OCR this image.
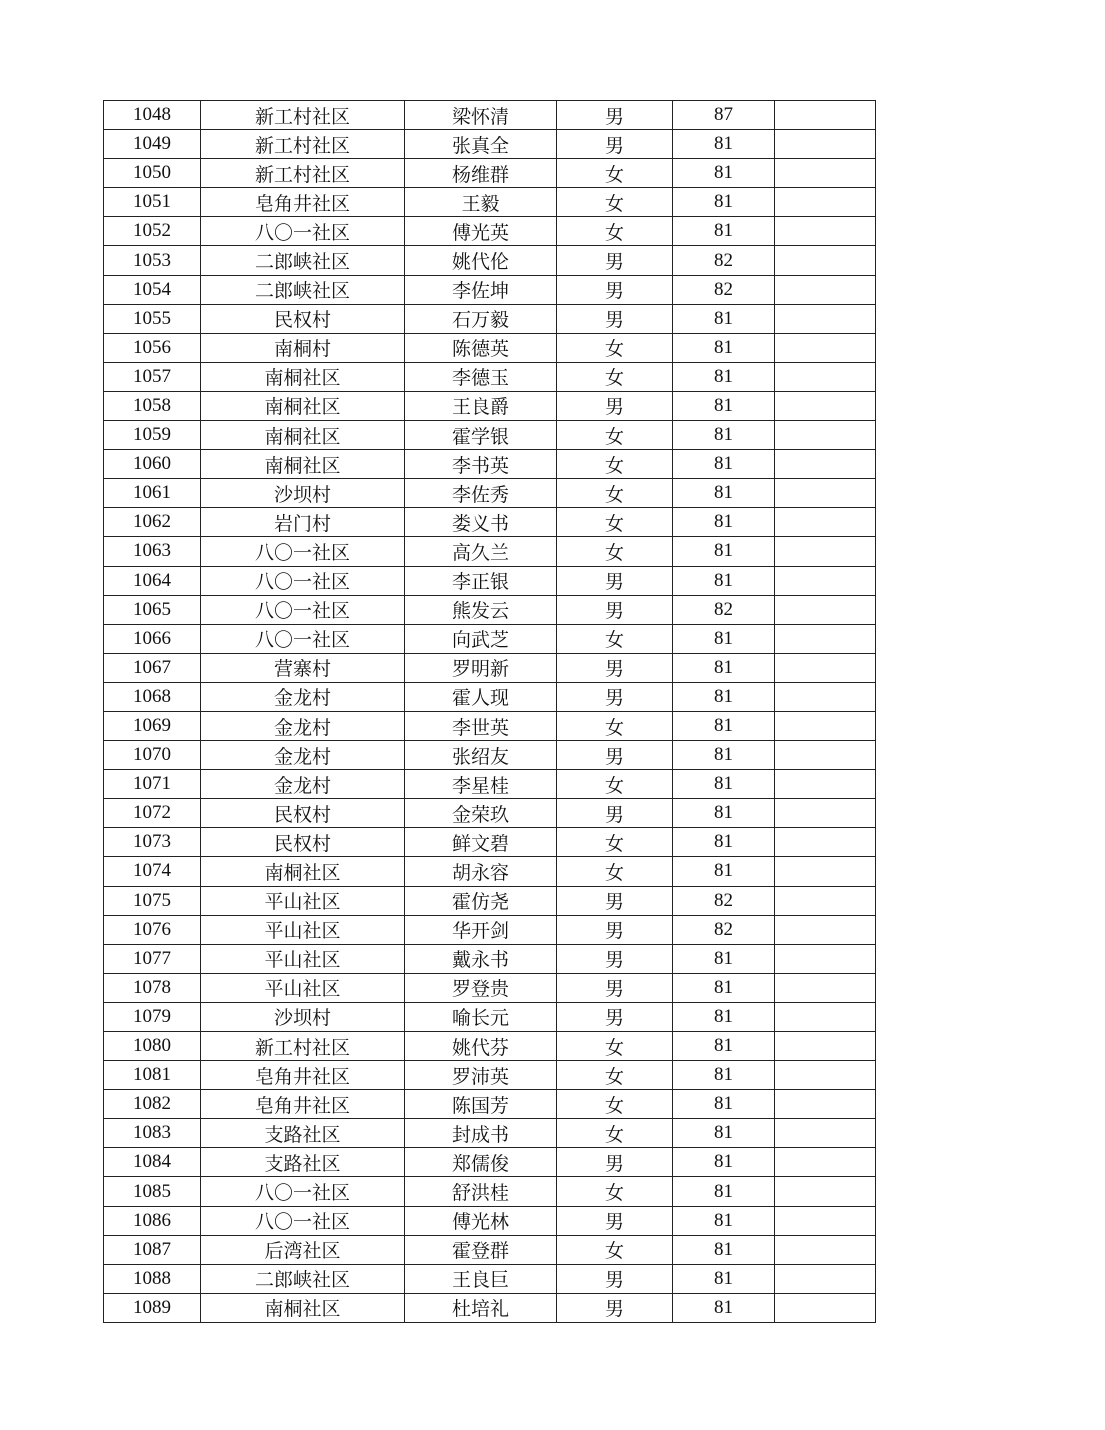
1048	新工村社区	梁怀清	男	87	
1049	新工村社区	张真全	男	81	
1050	新工村社区	杨维群	女	81	
1051	皂角井社区	王毅	女	81	
1052	八〇一社区	傅光英	女	81	
1053	二郎峡社区	姚代伦	男	82	
1054	二郎峡社区	李佐坤	男	82	
1055	民权村	石万毅	男	81	
1056	南桐村	陈德英	女	81	
1057	南桐社区	李德玉	女	81	
1058	南桐社区	王良爵	男	81	
1059	南桐社区	霍学银	女	81	
1060	南桐社区	李书英	女	81	
1061	沙坝村	李佐秀	女	81	
1062	岩门村	娄义书	女	81	
1063	八〇一社区	高久兰	女	81	
1064	八〇一社区	李正银	男	81	
1065	八〇一社区	熊发云	男	82	
1066	八〇一社区	向武芝	女	81	
1067	营寨村	罗明新	男	81	
1068	金龙村	霍人现	男	81	
1069	金龙村	李世英	女	81	
1070	金龙村	张绍友	男	81	
1071	金龙村	李星桂	女	81	
1072	民权村	金荣玖	男	81	
1073	民权村	鲜文碧	女	81	
1074	南桐社区	胡永容	女	81	
1075	平山社区	霍仿尧	男	82	
1076	平山社区	华开剑	男	82	
1077	平山社区	戴永书	男	81	
1078	平山社区	罗登贵	男	81	
1079	沙坝村	喻长元	男	81	
1080	新工村社区	姚代芬	女	81	
1081	皂角井社区	罗沛英	女	81	
1082	皂角井社区	陈国芳	女	81	
1083	支路社区	封成书	女	81	
1084	支路社区	郑儒俊	男	81	
1085	八〇一社区	舒洪桂	女	81	
1086	八〇一社区	傅光林	男	81	
1087	后湾社区	霍登群	女	81	
1088	二郎峡社区	王良巨	男	81	
1089	南桐社区	杜培礼	男	81	
